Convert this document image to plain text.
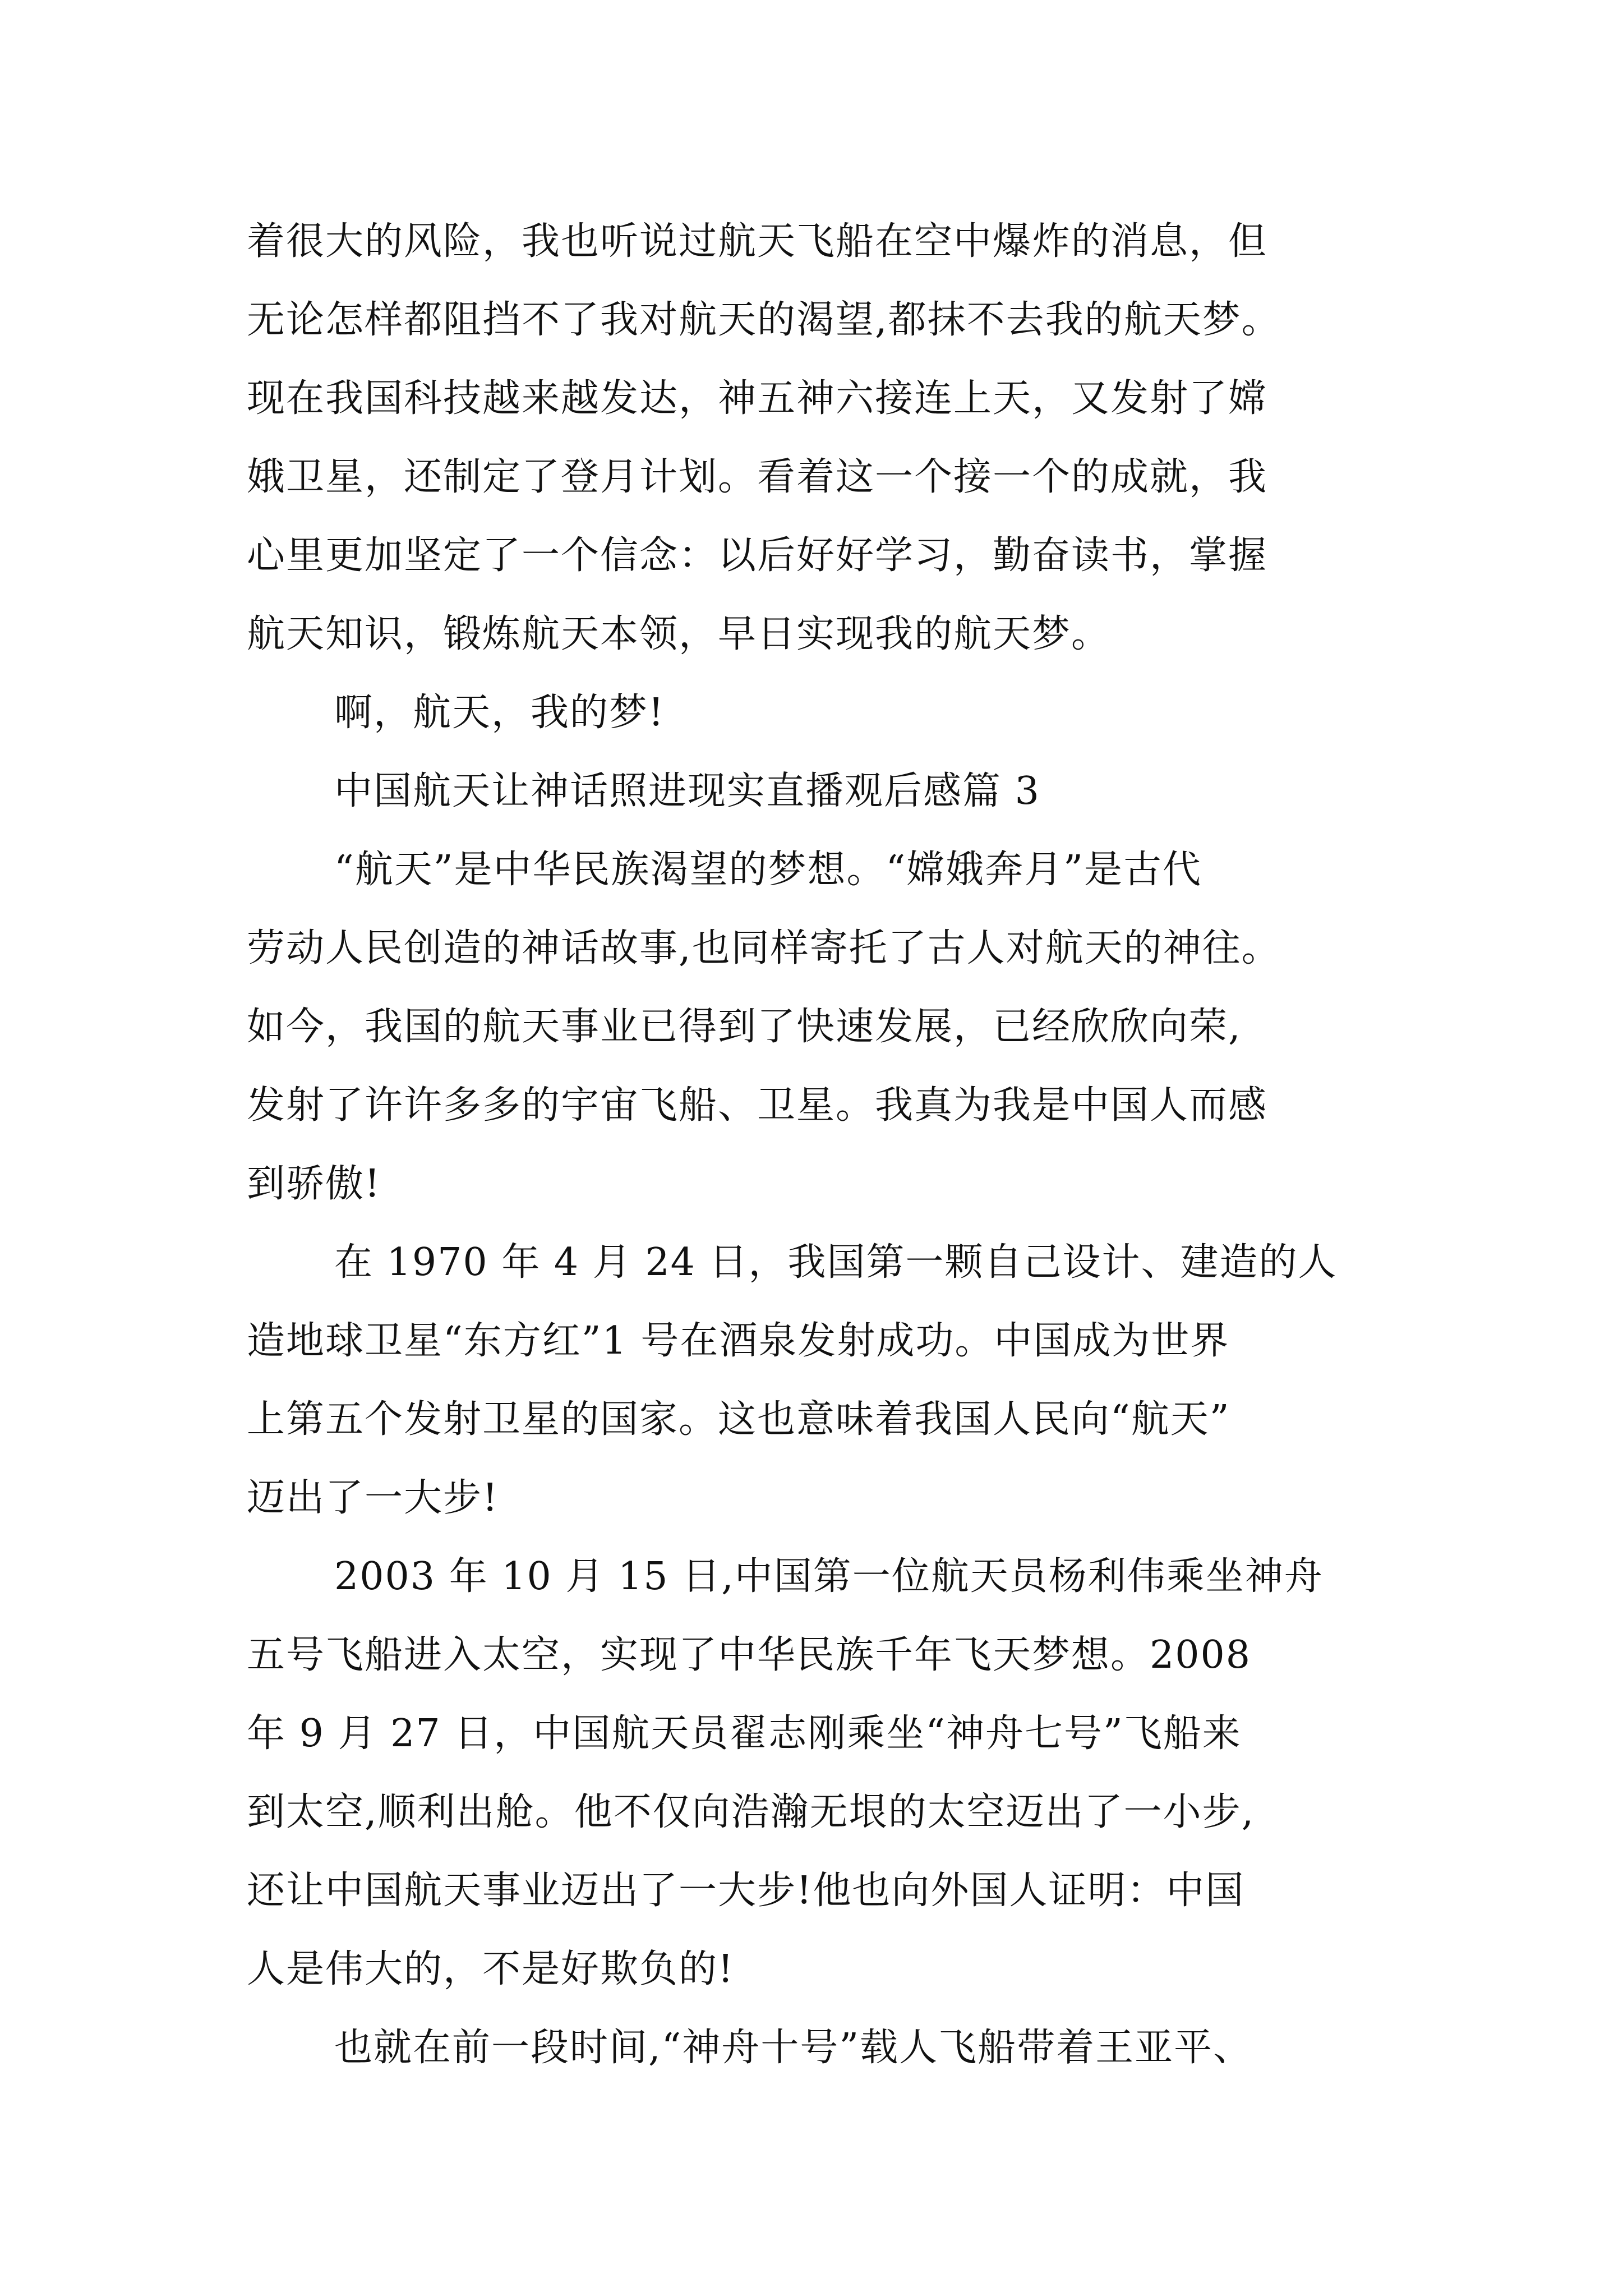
着很大的风险，我也听说过航天飞船在空中爆炸的消息，但
无论怎样都阻挡不了我对航天的渴望,都抹不去我的航天梦。
现在我国科技越来越发达，神五神六接连上天，又发射了嫦
娥卫星，还制定了登月计划。看着这一个接一个的成就，我
心里更加坚定了一个信念：以后好好学习，勤奋读书，掌握
航天知识，锻炼航天本领，早日实现我的航天梦。
啊，航天，我的梦!
中国航天让神话照进现实直播观后感篇 3
“航天”是中华民族渴望的梦想。“嫦娥奔月”是古代
劳动人民创造的神话故事,也同样寄托了古人对航天的神往。
如今，我国的航天事业已得到了快速发展，已经欣欣向荣,
发射了许许多多的宇宙飞船、卫星。我真为我是中国人而感
到骄傲!
在 1970 年 4 月 24 日，我国第一颗自己设计、建造的人
造地球卫星“东方红”1 号在酒泉发射成功。中国成为世界
上第五个发射卫星的国家。这也意味着我国人民向“航天”
迈出了一大步!
2003 年 10 月 15 日,中国第一位航天员杨利伟乘坐神舟
五号飞船进入太空，实现了中华民族千年飞天梦想。2008
年 9 月 27 日，中国航天员翟志刚乘坐“神舟七号”飞船来
到太空,顺利出舱。他不仅向浩瀚无垠的太空迈出了一小步,
还让中国航天事业迈出了一大步!他也向外国人证明：中国
人是伟大的，不是好欺负的!
也就在前一段时间,“神舟十号”载人飞船带着王亚平、
